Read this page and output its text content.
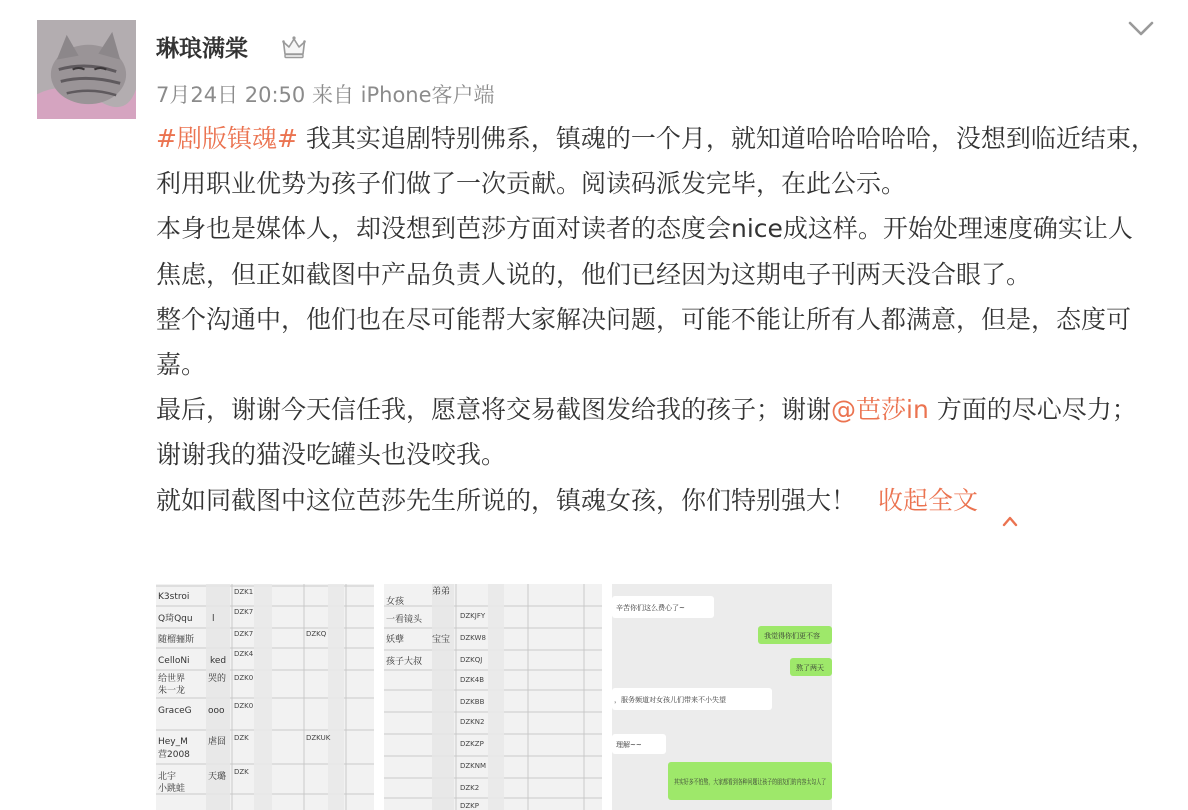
琳琅满棠
7月24日 20:50 来自 iPhone客户端

#剧版镇魂# 我其实追剧特别佛系，镇魂的一个月，就知道哈哈哈哈哈，没想到临近结束，利用职业优势为孩子们做了一次贡献。阅读码派发完毕，在此公示。

本身也是媒体人，却没想到芭莎方面对读者的态度会nice成这样。开始处理速度确实让人焦虑，但正如截图中产品负责人说的，他们已经因为这期电子刊两天没合眼了。

整个沟通中，他们也在尽可能帮大家解决问题，可能不能让所有人都满意，但是，态度可嘉。

最后，谢谢今天信任我，愿意将交易截图发给我的孩子；谢谢@芭莎in 方面的尽心尽力；谢谢我的猫没吃罐头也没咬我。

就如同截图中这位芭莎先生所说的，镇魂女孩，你们特别强大！ 收起全文

K3stroi
Q琦Qqu
随榴骊斯
CelloNi
给世界
朱一龙
GraceG
Hey_M
营2008
北宇
小跳蛙
ked
l
哭的
ooo
虐囧
天璐
DZK1
DZK7
DZK7
DZK4
DZK0
DZK0
DZK
DZK
DZKQ
DZKUK
女孩
一看镜头
妖孽
孩子大叔
弟弟
宝宝
DZKJFY
DZKW8
DZKQJ
DZK4B
DZKBB
DZKN2
DZKZP
DZKNM
DZK2
DZKP
辛苦你们这么费心了~
我觉得你们更不容
熬了两天
，服务频道对女孩儿们带来不小失望
理解~~
其实好多不怕熬，大家都看到各种问题让孩子的朋友们的内容太勾人了
